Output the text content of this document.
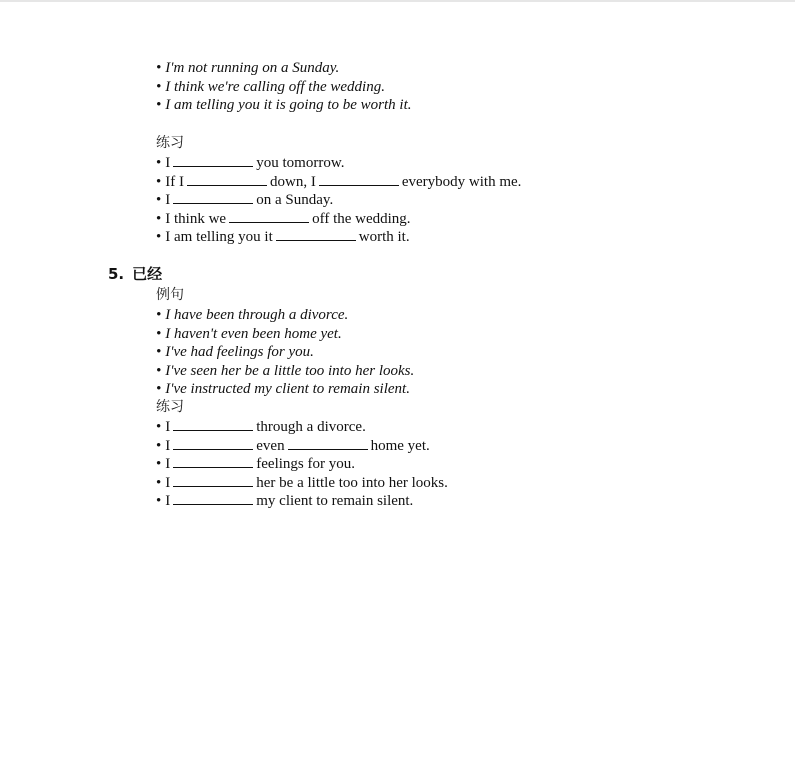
• I'm not running on a Sunday.
• I think we're calling off the wedding.
• I am telling you it is going to be worth it.
练习
• I	you tomorrow.
• If I	down, I	everybody with me.
• I	on a Sunday.
• I think we	off the wedding.
• I am telling you it	worth it.
5. 已经
例句
• I have been through a divorce.
• I haven't even been home yet.
• I've had feelings for you.
• I've seen her be a little too into her looks.
• I've instructed my client to remain silent.
练习
• I	through a divorce.
• I	even	home yet.
• I	feelings for you.
• I	her be a little too into her looks.
• I	my client to remain silent.
